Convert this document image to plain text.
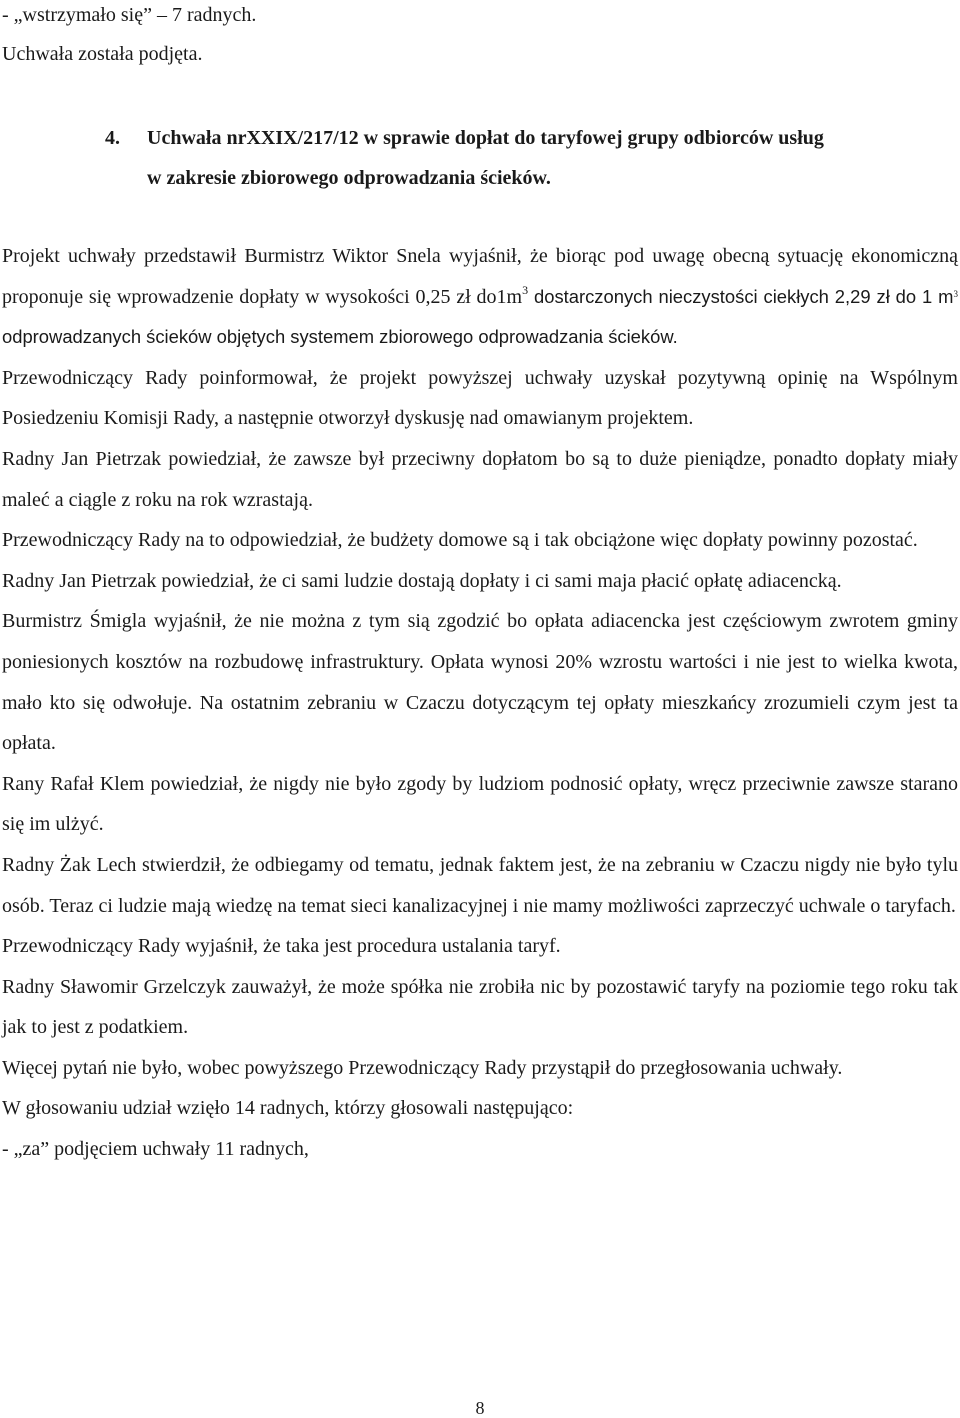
- „wstrzymało się” – 7 radnych.
Uchwała została podjęta.
4. Uchwała nrXXIX/217/12 w sprawie dopłat do taryfowej grupy odbiorców usług
w zakresie zbiorowego odprowadzania ścieków.

Projekt uchwały przedstawił Burmistrz Wiktor Snela wyjaśnił, że biorąc pod uwagę obecną sytuację ekonomiczną proponuje się wprowadzenie dopłaty w wysokości 0,25 zł $do1m^3$ dostarczonych nieczystości ciekłych 2,29 zł do 1 $m^3$ odprowadzanych ścieków objętych systemem zbiorowego odprowadzania ścieków.

Przewodniczący Rady poinformował, że projekt powyższej uchwały uzyskał pozytywną opinię na Wspólnym Posiedzeniu Komisji Rady, a następnie otworzył dyskusję nad omawianym projektem.

Radny Jan Pietrzak powiedział, że zawsze był przeciwny dopłatom bo są to duże pieniądze, ponadto dopłaty miały maleć a ciągle z roku na rok wzrastają.

Przewodniczący Rady na to odpowiedział, że budżety domowe są i tak obciążone więc dopłaty powinny pozostać.

Radny Jan Pietrzak powiedział, że ci sami ludzie dostają dopłaty i ci sami maja płacić opłatę adiacencką.

Burmistrz Śmigla wyjaśnił, że nie można z tym sią zgodzić bo opłata adiacencka jest częściowym zwrotem gminy poniesionych kosztów na rozbudowę infrastruktury. Opłata wynosi 20% wzrostu wartości i nie jest to wielka kwota, mało kto się odwołuje. Na ostatnim zebraniu w Czaczu dotyczącym tej opłaty mieszkańcy zrozumieli czym jest ta opłata.

Rany Rafał Klem powiedział, że nigdy nie było zgody by ludziom podnosić opłaty, wręcz przeciwnie zawsze starano się im ulżyć.

Radny Żak Lech stwierdził, że odbiegamy od tematu, jednak faktem jest, że na zebraniu w Czaczu nigdy nie było tylu osób. Teraz ci ludzie mają wiedzę na temat sieci kanalizacyjnej i nie mamy możliwości zaprzeczyć uchwale o taryfach.

Przewodniczący Rady wyjaśnił, że taka jest procedura ustalania taryf.

Radny Sławomir Grzelczyk zauważył, że może spółka nie zrobiła nic by pozostawić taryfy na poziomie tego roku tak jak to jest z podatkiem.

Więcej pytań nie było, wobec powyższego Przewodniczący Rady przystąpił do przegłosowania uchwały.

W głosowaniu udział wzięło 14 radnych, którzy głosowali następująco:

- „za” podjęciem uchwały 11 radnych,

8
